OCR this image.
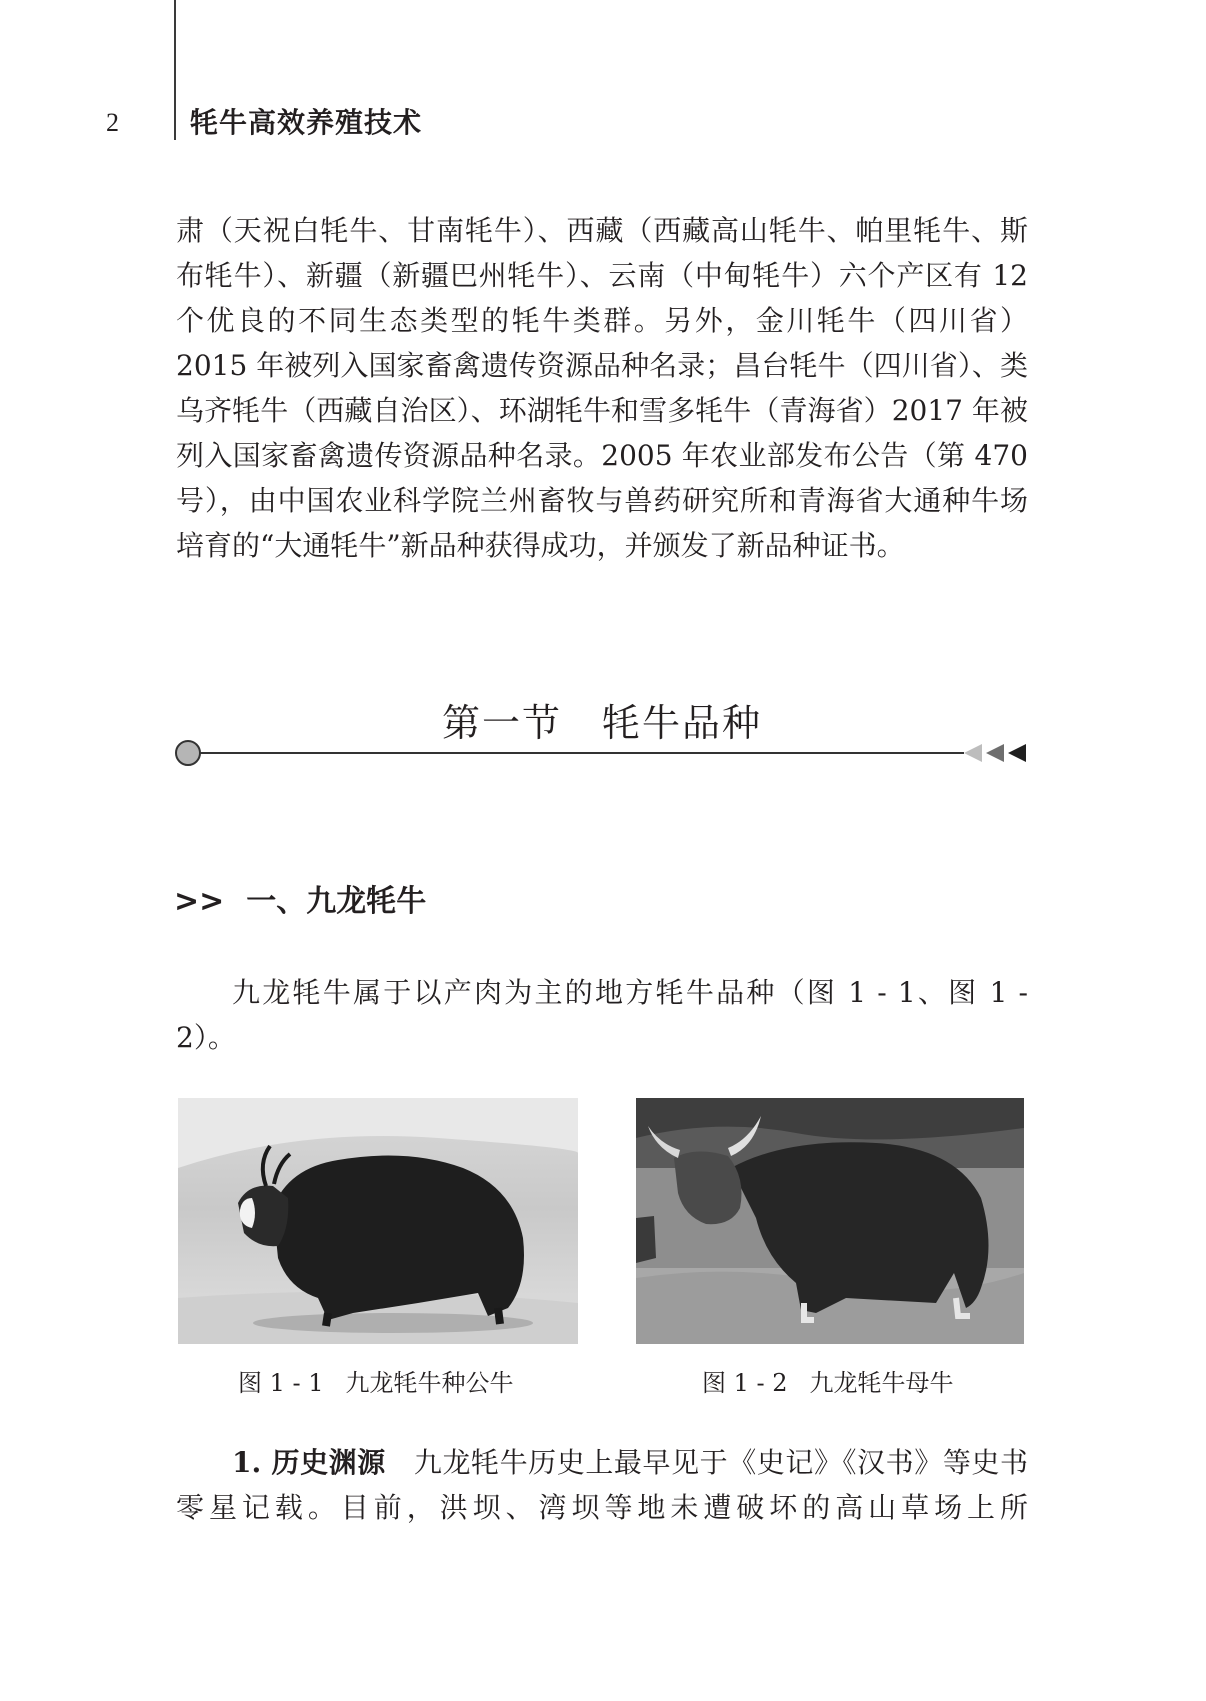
2	牦牛高效养殖技术

肃（天祝白牦牛、甘南牦牛）、西藏（西藏高山牦牛、帕里牦牛、斯布牦牛）、新疆（新疆巴州牦牛）、云南（中甸牦牛）六个产区有 12 个优良的不同生态类型的牦牛类群。另外，金川牦牛（四川省）2015 年被列入国家畜禽遗传资源品种名录；昌台牦牛（四川省）、类乌齐牦牛（西藏自治区）、环湖牦牛和雪多牦牛（青海省）2017 年被列入国家畜禽遗传资源品种名录。2005 年农业部发布公告（第 470 号），由中国农业科学院兰州畜牧与兽药研究所和青海省大通种牛场培育的“大通牦牛”新品种获得成功，并颁发了新品种证书。

第一节　牦牛品种
>> 一、九龙牦牛

九龙牦牛属于以产肉为主的地方牦牛品种（图 1 - 1、图 1 - 2）。

图 1 - 1 九龙牦牛种公牛	图 1 - 2 九龙牦牛母牛

1. 历史渊源 九龙牦牛历史上最早见于《史记》《汉书》等史书零星记载。目前，洪坝、湾坝等地未遭破坏的高山草场上所
